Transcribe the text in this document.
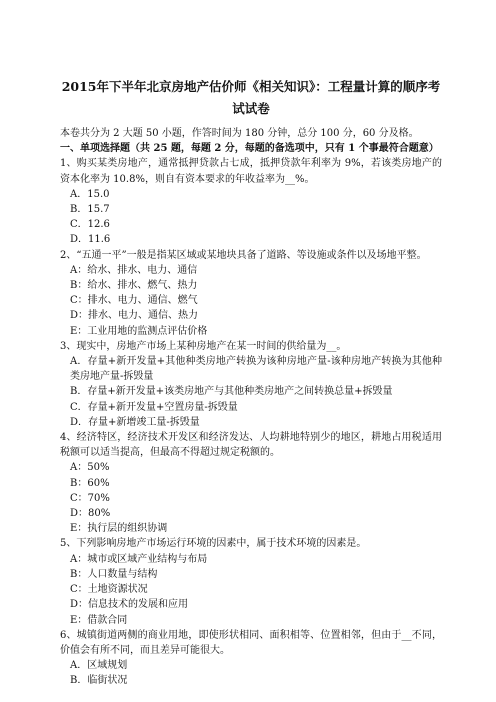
2015年下半年北京房地产估价师《相关知识》：工程量计算的顺序考

试试卷

本卷共分为 2 大题 50 小题，作答时间为 180 分钟，总分 100 分，60 分及格。

一、单项选择题（共 25 题，每题 2 分，每题的备选项中，只有 1 个事最符合题意）

1、购买某类房地产，通常抵押贷款占七成，抵押贷款年利率为 9%，若该类房地产的资本化率为 10.8%，则自有资本要求的年收益率为__%。

A．15.0

B．15.7

C．12.6

D．11.6

2、“五通一平”一般是指某区域或某地块具备了道路、等设施或条件以及场地平整。

A：给水、排水、电力、通信

B：给水、排水、燃气、热力

C：排水、电力、通信、燃气

D：排水、电力、通信、热力

E：工业用地的监测点评估价格

3、现实中，房地产市场上某种房地产在某一时间的供给量为__。

A．存量+新开发量+其他种类房地产转换为该种房地产量-该种房地产转换为其他种类房地产量-拆毁量

B．存量+新开发量+该类房地产与其他种类房地产之间转换总量+拆毁量

C．存量+新开发量+空置房量-拆毁量

D．存量+新增竣工量-拆毁量

4、经济特区，经济技术开发区和经济发达、人均耕地特别少的地区，耕地占用税适用税额可以适当提高，但最高不得超过规定税额的。

A：50%

B：60%

C：70%

D：80%

E：执行层的组织协调

5、下列影响房地产市场运行环境的因素中，属于技术环境的因素是。

A：城市或区域产业结构与布局

B：人口数量与结构

C：土地资源状况

D：信息技术的发展和应用

E：借款合同

6、城镇街道两侧的商业用地，即使形状相同、面积相等、位置相邻，但由于__不同，价值会有所不同，而且差异可能很大。

A．区域规划

B．临街状况
